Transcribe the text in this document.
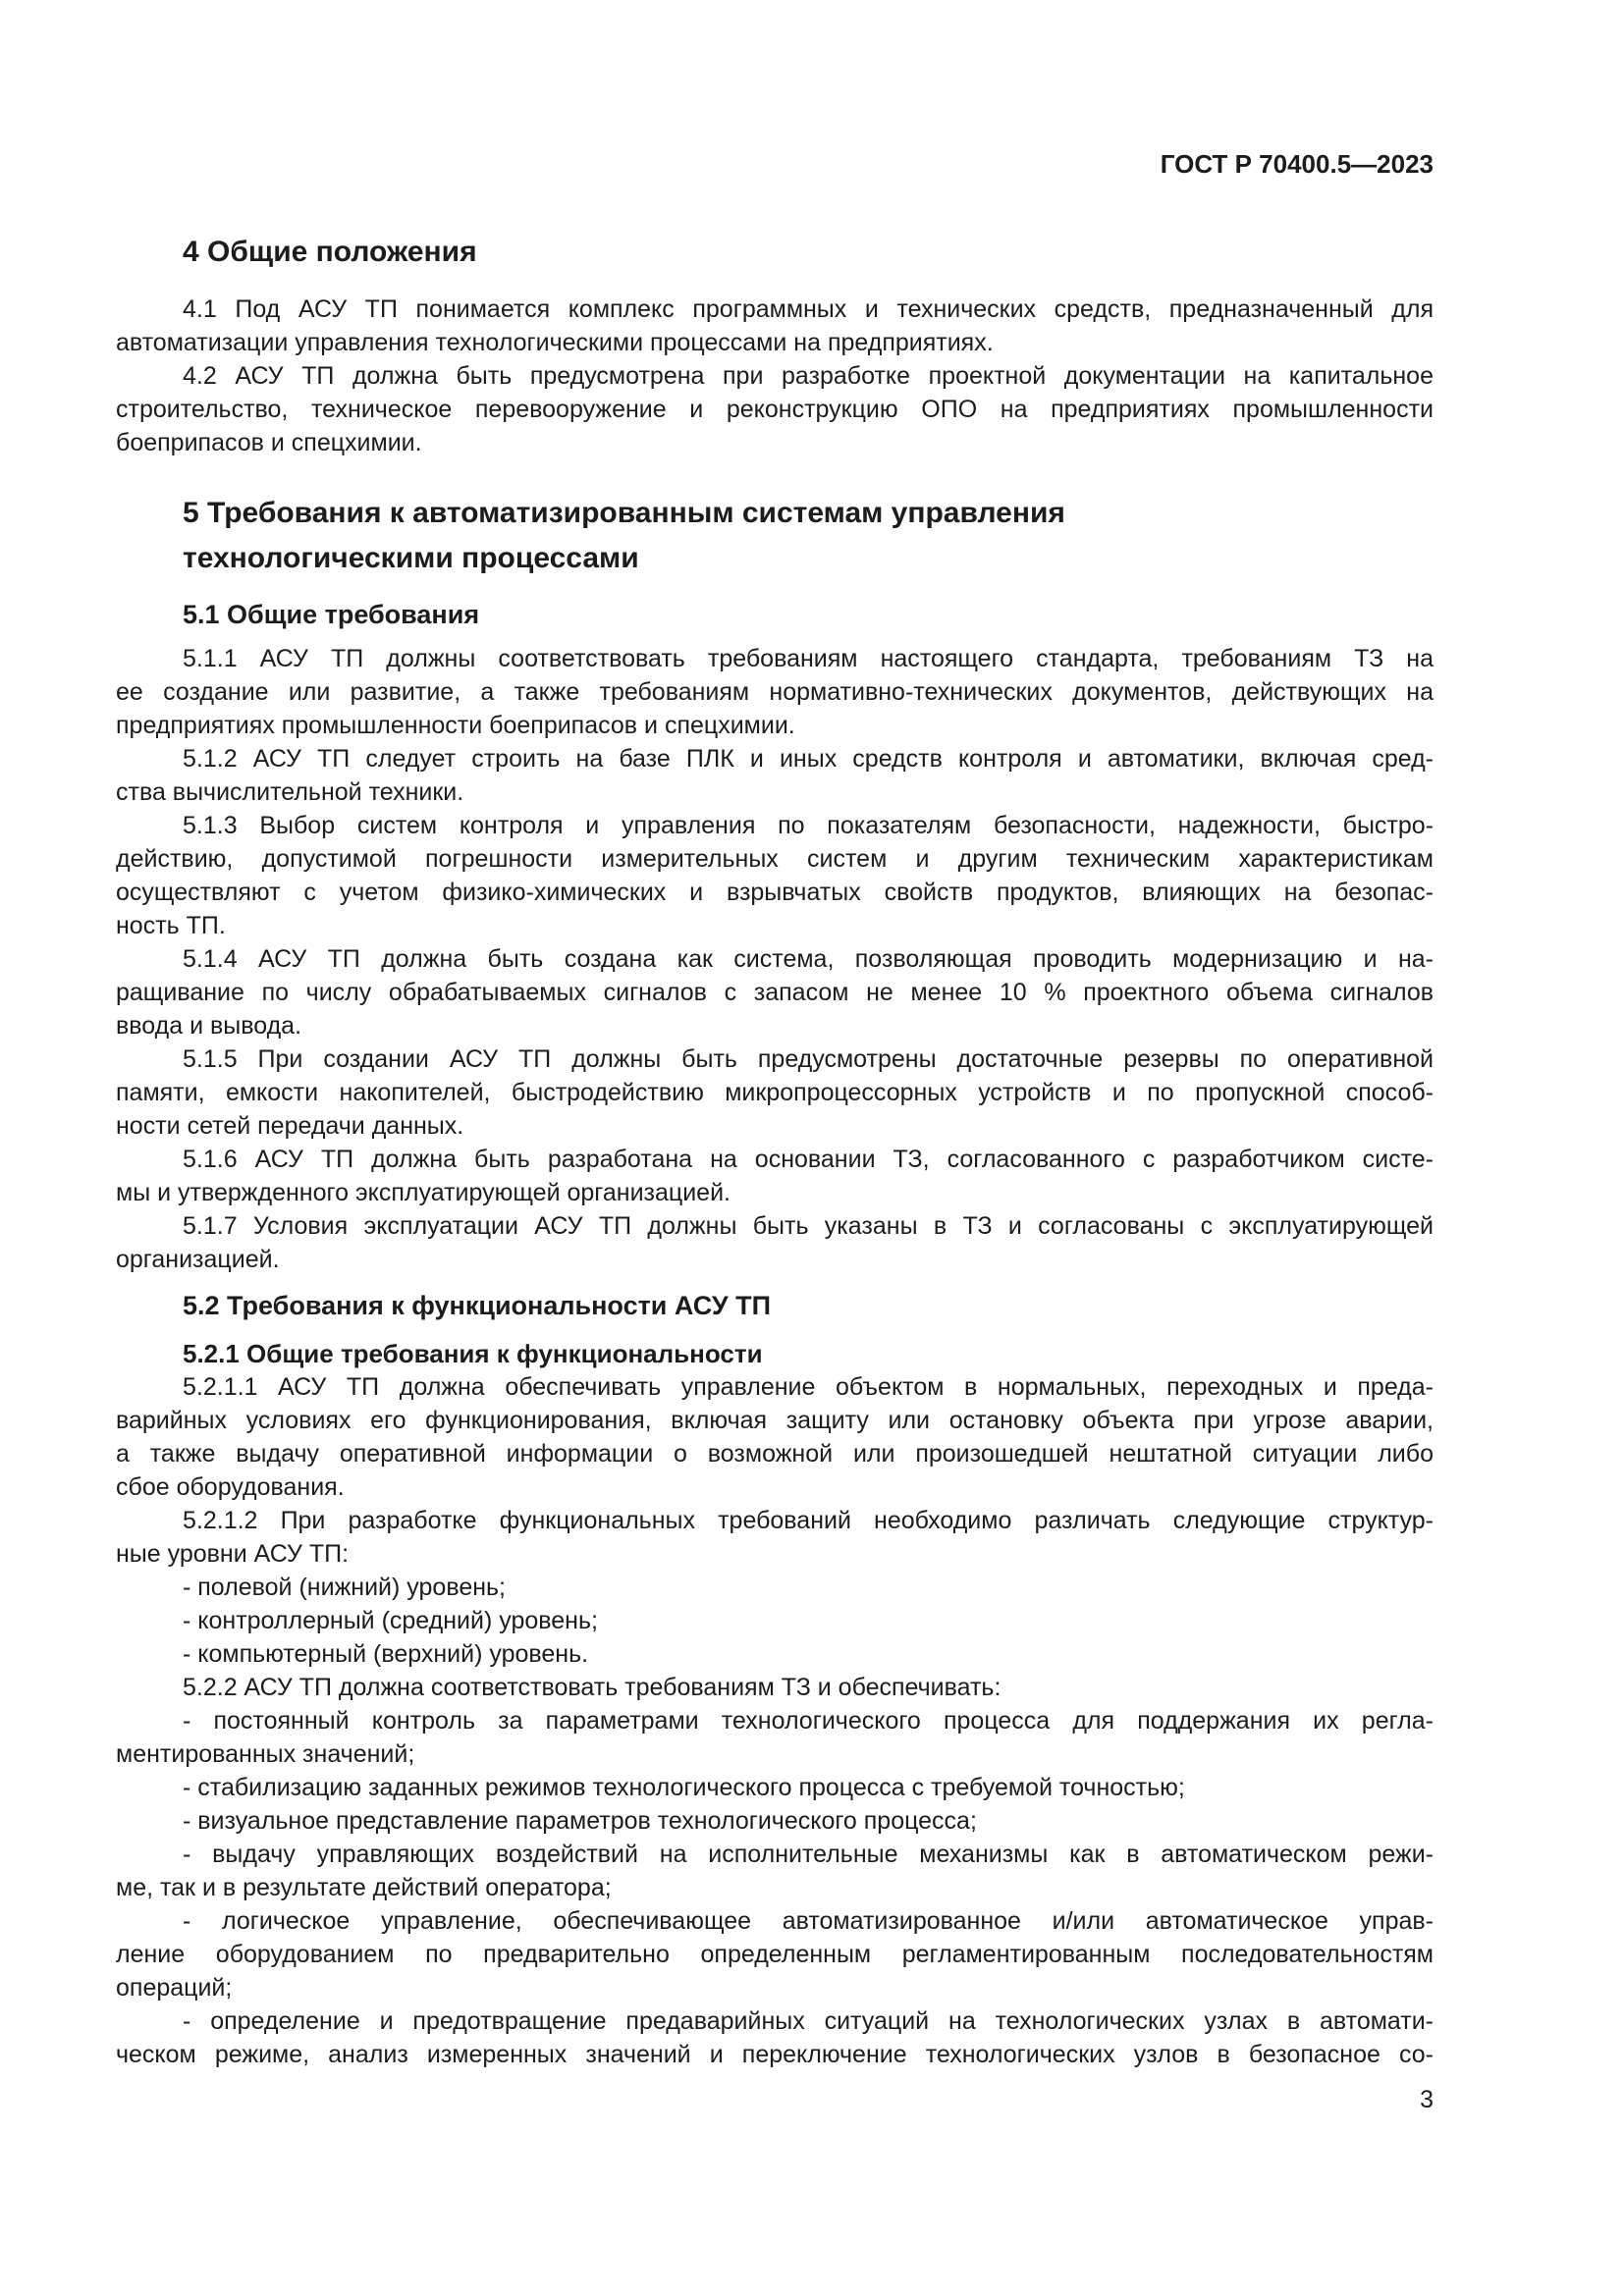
ГОСТ Р 70400.5—2023
4 Общие положения
4.1 Под АСУ ТП понимается комплекс программных и технических средств, предназначенный для
автоматизации управления технологическими процессами на предприятиях.
4.2 АСУ ТП должна быть предусмотрена при разработке проектной документации на капитальное
строительство, техническое перевооружение и реконструкцию ОПО на предприятиях промышленности
боеприпасов и спецхимии.
5 Требования к автоматизированным системам управления
технологическими процессами
5.1 Общие требования
5.1.1 АСУ ТП должны соответствовать требованиям настоящего стандарта, требованиям ТЗ на
ее создание или развитие, а также требованиям нормативно-технических документов, действующих на
предприятиях промышленности боеприпасов и спецхимии.
5.1.2 АСУ ТП следует строить на базе ПЛК и иных средств контроля и автоматики, включая сред-
ства вычислительной техники.
5.1.3 Выбор систем контроля и управления по показателям безопасности, надежности, быстро-
действию, допустимой погрешности измерительных систем и другим техническим характеристикам
осуществляют с учетом физико-химических и взрывчатых свойств продуктов, влияющих на безопас-
ность ТП.
5.1.4 АСУ ТП должна быть создана как система, позволяющая проводить модернизацию и на-
ращивание по числу обрабатываемых сигналов с запасом не менее 10 % проектного объема сигналов
ввода и вывода.
5.1.5 При создании АСУ ТП должны быть предусмотрены достаточные резервы по оперативной
памяти, емкости накопителей, быстродействию микропроцессорных устройств и по пропускной способ-
ности сетей передачи данных.
5.1.6 АСУ ТП должна быть разработана на основании ТЗ, согласованного с разработчиком систе-
мы и утвержденного эксплуатирующей организацией.
5.1.7 Условия эксплуатации АСУ ТП должны быть указаны в ТЗ и согласованы с эксплуатирующей
организацией.
5.2 Требования к функциональности АСУ ТП
5.2.1 Общие требования к функциональности
5.2.1.1 АСУ ТП должна обеспечивать управление объектом в нормальных, переходных и преда-
варийных условиях его функционирования, включая защиту или остановку объекта при угрозе аварии,
а также выдачу оперативной информации о возможной или произошедшей нештатной ситуации либо
сбое оборудования.
5.2.1.2 При разработке функциональных требований необходимо различать следующие структур-
ные уровни АСУ ТП:
- полевой (нижний) уровень;
- контроллерный (средний) уровень;
- компьютерный (верхний) уровень.
5.2.2 АСУ ТП должна соответствовать требованиям ТЗ и обеспечивать:
- постоянный контроль за параметрами технологического процесса для поддержания их регла-
ментированных значений;
- стабилизацию заданных режимов технологического процесса с требуемой точностью;
- визуальное представление параметров технологического процесса;
- выдачу управляющих воздействий на исполнительные механизмы как в автоматическом режи-
ме, так и в результате действий оператора;
- логическое управление, обеспечивающее автоматизированное и/или автоматическое управ-
ление оборудованием по предварительно определенным регламентированным последовательностям
операций;
- определение и предотвращение предаварийных ситуаций на технологических узлах в автомати-
ческом режиме, анализ измеренных значений и переключение технологических узлов в безопасное со-
3
